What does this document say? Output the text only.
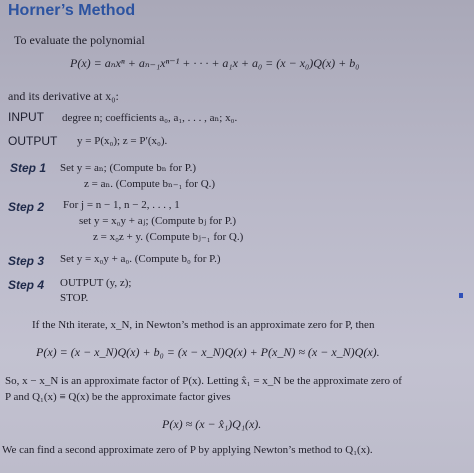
Horner’s Method
To evaluate the polynomial
P(x) = aₙxⁿ + aₙ₋₁xⁿ⁻¹ + · · · + a₁x + a₀ = (x − x₀)Q(x) + b₀
and its derivative at x₀:
INPUT degree n; coefficients a₀, a₁, . . . , aₙ; x₀.
OUTPUT y = P(x₀); z = P′(x₀).
Step 1 Set y = aₙ; (Compute bₙ for P.)
z = aₙ. (Compute bₙ₋₁ for Q.)
Step 2 For j = n − 1, n − 2, . . . , 1
set y = x₀y + aⱼ; (Compute bⱼ for P.)
z = x₀z + y. (Compute bⱼ₋₁ for Q.)
Step 3 Set y = x₀y + a₀. (Compute b₀ for P.)
Step 4 OUTPUT (y, z);
STOP.
If the Nth iterate, x_N, in Newton’s method is an approximate zero for P, then
P(x) = (x − x_N)Q(x) + b₀ = (x − x_N)Q(x) + P(x_N) ≈ (x − x_N)Q(x).
So, x − x_N is an approximate factor of P(x). Letting x̂₁ = x_N be the approximate zero of
P and Q₁(x) ≡ Q(x) be the approximate factor gives
P(x) ≈ (x − x̂₁)Q₁(x).
We can find a second approximate zero of P by applying Newton’s method to Q₁(x).
